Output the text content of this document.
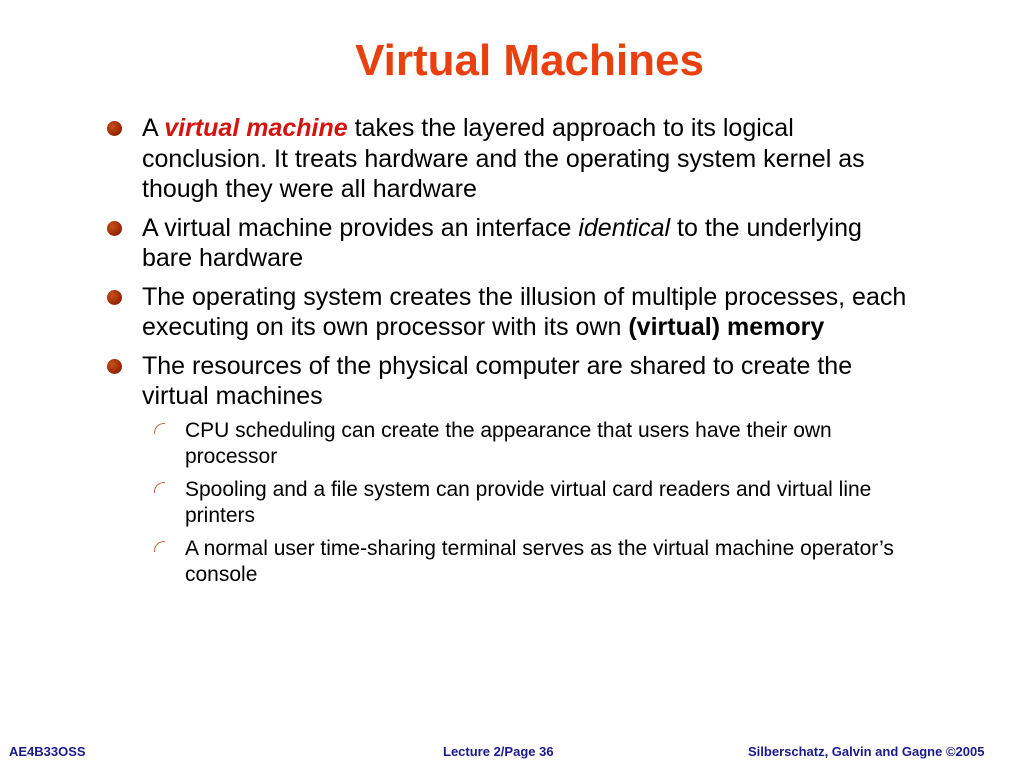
Virtual Machines
A virtual machine takes the layered approach to its logical conclusion. It treats hardware and the operating system kernel as though they were all hardware
A virtual machine provides an interface identical to the underlying bare hardware
The operating system creates the illusion of multiple processes, each executing on its own processor with its own (virtual) memory
The resources of the physical computer are shared to create the virtual machines
CPU scheduling can create the appearance that users have their own processor
Spooling and a file system can provide virtual card readers and virtual line printers
A normal user time-sharing terminal serves as the virtual machine operator’s console
AE4B33OSS	Lecture 2/Page 36	Silberschatz, Galvin and Gagne ©2005
